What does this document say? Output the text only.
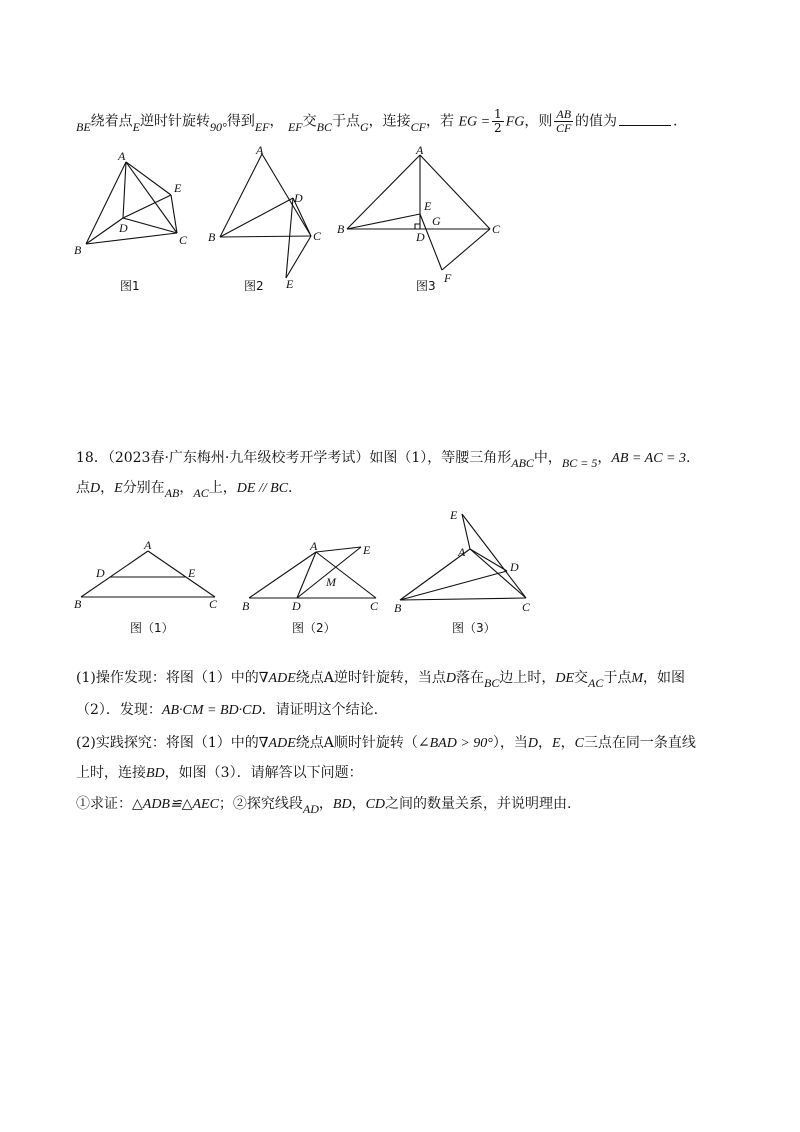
BE绕着点E逆时针旋转90°得到EF， EF交BC于点G，连接CF，若 EG = $\frac{1}{2}$ FG，则 $\frac{AB}{CF}$ 的值为	.
A
B
C
D
E
图1
A
B	C
D
E
图2
A
B	C
D
E
F
G
图3
18．（2023春·广东梅州·九年级校考开学考试）如图（1），等腰三角形ABC中，BC = 5，AB = AC = 3.
点D，E分别在AB，AC上，DE // BC.
A
B	C
D	E
图（1）
A
B	C
D
E
M
图（2）
A
B	C
D
E
图（3）
(1)操作发现：将图（1）中的∇ADE绕点A逆时针旋转，当点D落在BC边上时，DE交AC于点M，如图
（2）．发现：AB·CM = BD·CD．请证明这个结论.
(2)实践探究：将图（1）中的∇ADE绕点A顺时针旋转（∠BAD > 90°），当D，E，C三点在同一条直线
上时，连接BD，如图（3）．请解答以下问题：
①求证：△ADB≌△AEC；②探究线段AD，BD，CD之间的数量关系，并说明理由.
